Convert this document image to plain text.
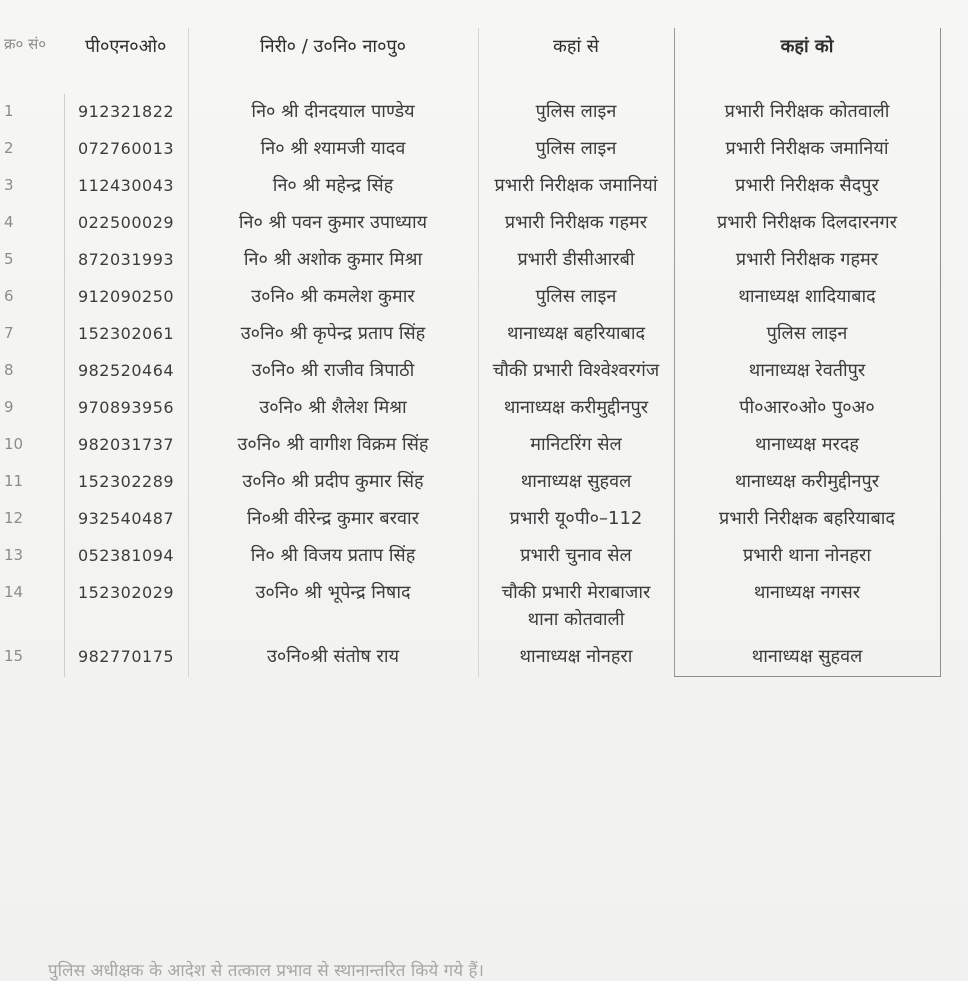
क्र० सं०	पी०एन०ओ०	निरी० / उ०नि० ना०पु०	कहां से	कहां को
1	912321822	नि० श्री दीनदयाल पाण्डेय	पुलिस लाइन	प्रभारी निरीक्षक कोतवाली
2	072760013	नि० श्री श्यामजी यादव	पुलिस लाइन	प्रभारी निरीक्षक जमानियां
3	112430043	नि० श्री महेन्द्र सिंह	प्रभारी निरीक्षक जमानियां	प्रभारी निरीक्षक सैदपुर
4	022500029	नि० श्री पवन कुमार उपाध्याय	प्रभारी निरीक्षक गहमर	प्रभारी निरीक्षक दिलदारनगर
5	872031993	नि० श्री अशोक कुमार मिश्रा	प्रभारी डीसीआरबी	प्रभारी निरीक्षक गहमर
6	912090250	उ०नि० श्री कमलेश कुमार	पुलिस लाइन	थानाध्यक्ष शादियाबाद
7	152302061	उ०नि० श्री कृपेन्द्र प्रताप सिंह	थानाध्यक्ष बहरियाबाद	पुलिस लाइन
8	982520464	उ०नि० श्री राजीव त्रिपाठी	चौकी प्रभारी विश्वेश्वरगंज	थानाध्यक्ष रेवतीपुर
9	970893956	उ०नि० श्री शैलेश मिश्रा	थानाध्यक्ष करीमुद्दीनपुर	पी०आर०ओ० पु०अ०
10	982031737	उ०नि० श्री वागीश विक्रम सिंह	मानिटरिंग सेल	थानाध्यक्ष मरदह
11	152302289	उ०नि० श्री प्रदीप कुमार सिंह	थानाध्यक्ष सुहवल	थानाध्यक्ष करीमुद्दीनपुर
12	932540487	नि०श्री वीरेन्द्र कुमार बरवार	प्रभारी यू०पी०–112	प्रभारी निरीक्षक बहरियाबाद
13	052381094	नि० श्री विजय प्रताप सिंह	प्रभारी चुनाव सेल	प्रभारी थाना नोनहरा
14	152302029	उ०नि० श्री भूपेन्द्र निषाद	चौकी प्रभारी मेराबाजार थाना कोतवाली	थानाध्यक्ष नगसर
15	982770175	उ०नि०श्री संतोष राय	थानाध्यक्ष नोनहरा	थानाध्यक्ष सुहवल
पुलिस अधीक्षक के आदेश से तत्काल प्रभाव से स्थानान्तरित किये गये हैं।
